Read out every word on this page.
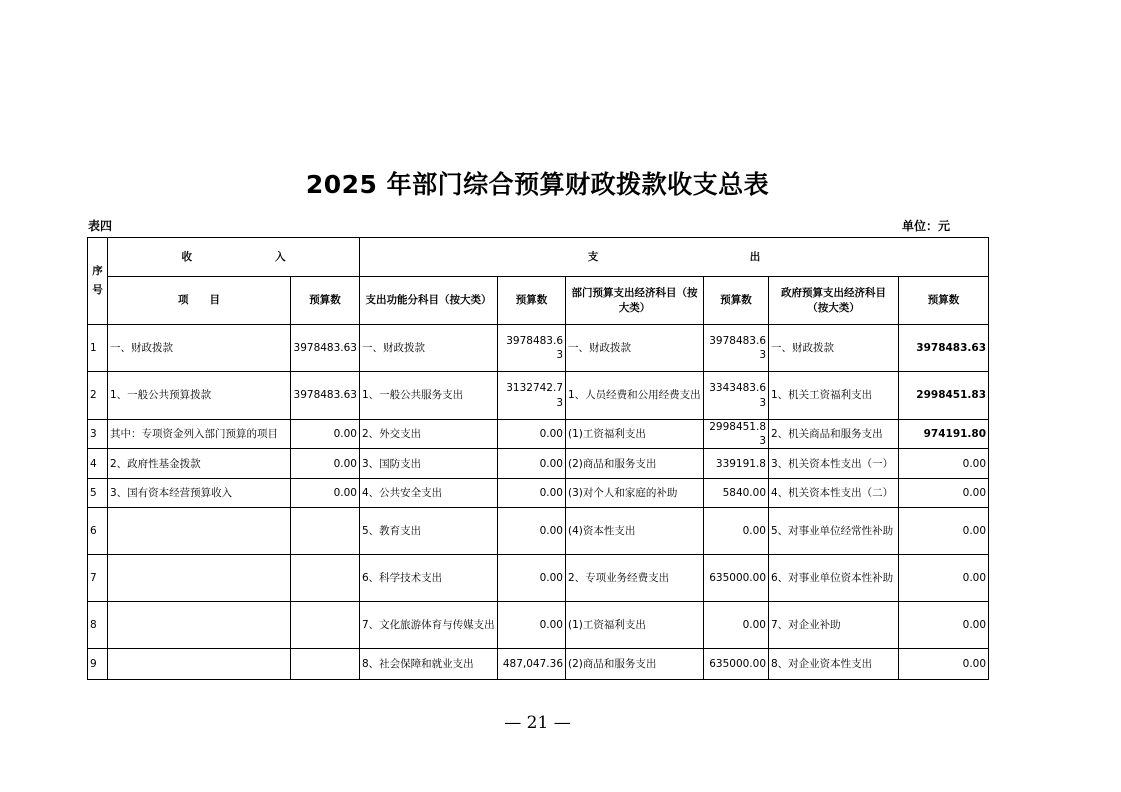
2025 年部门综合预算财政拨款收支总表
表四	单位：元
序号	收 入		支 出					

	项　　目	预算数	支出功能分科目（按大类）	预算数	部门预算支出经济科目（按大类）	预算数	政府预算支出经济科目（按大类）	预算数
1	一、财政拨款	3978483.63	一、财政拨款	3978483.63	一、财政拨款	3978483.63	一、财政拨款	3978483.63
2	1、一般公共预算拨款	3978483.63	1、一般公共服务支出	3132742.73	1、人员经费和公用经费支出	3343483.63	1、机关工资福利支出	2998451.83
3	其中：专项资金列入部门预算的项目	0.00	2、外交支出	0.00	(1)工资福利支出	2998451.83	2、机关商品和服务支出	974191.80
4	2、政府性基金拨款	0.00	3、国防支出	0.00	(2)商品和服务支出	339191.8	3、机关资本性支出（一）	0.00
5	3、国有资本经营预算收入	0.00	4、公共安全支出	0.00	(3)对个人和家庭的补助	5840.00	4、机关资本性支出（二）	0.00
6			5、教育支出	0.00	(4)资本性支出	0.00	5、对事业单位经常性补助	0.00
7			6、科学技术支出	0.00	2、专项业务经费支出	635000.00	6、对事业单位资本性补助	0.00
8			7、文化旅游体育与传媒支出	0.00	(1)工资福利支出	0.00	7、对企业补助	0.00
9			8、社会保障和就业支出	487,047.36	(2)商品和服务支出	635000.00	8、对企业资本性支出	0.00
— 21 —
